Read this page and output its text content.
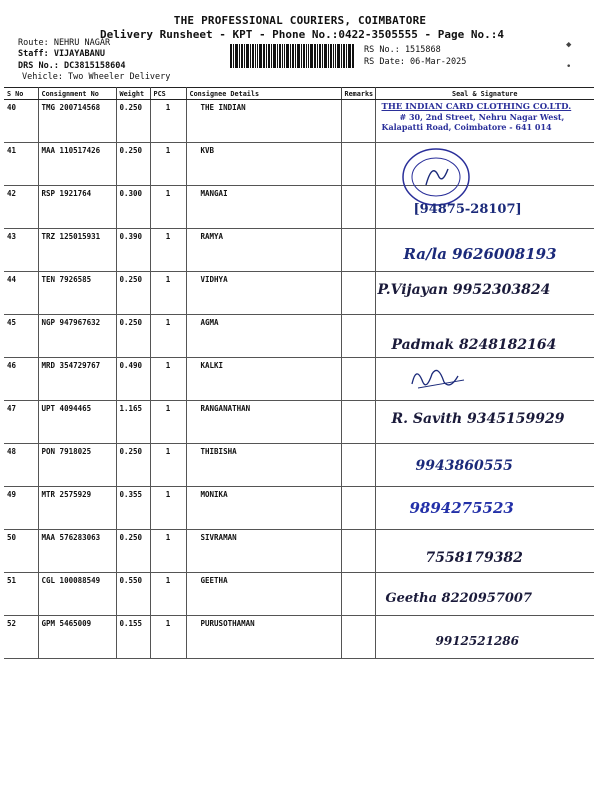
THE PROFESSIONAL COURIERS, COIMBATORE
Delivery Runsheet - KPT - Phone No.:0422-3505555 - Page No.:4
Route: NEHRU NAGAR
Staff: VIJAYABANU
DRS No.: DC3815158604
Vehicle: Two Wheeler Delivery
RS No.: 1515868
RS Date: 06-Mar-2025
◆
•
S No	Consignment No	Weight	PCS	Consignee Details	Remarks	Seal & Signature
40	TMG 200714568	0.250	1	THE INDIAN		THE INDIAN CARD CLOTHING CO.LTD.
# 30, 2nd Street, Nehru Nagar West,
Kalapatti Road, Coimbatore - 641 014

41	MAA 110517426	0.250	1	KVB		

42	RSP 1921764	0.300	1	MANGAI		[94875-28107]

43	TRZ 125015931	0.390	1	RAMYA		Ra/la 9626008193

44	TEN 7926585	0.250	1	VIDHYA		P.Vijayan 9952303824

45	NGP 947967632	0.250	1	AGMA		Padmak 8248182164

46	MRD 354729767	0.490	1	KALKI		

47	UPT 4094465	1.165	1	RANGANATHAN		R. Savith 9345159929

48	PON 7918025	0.250	1	THIBISHA		9943860555

49	MTR 2575929	0.355	1	MONIKA		9894275523

50	MAA 576283063	0.250	1	SIVRAMAN		7558179382

51	CGL 100088549	0.550	1	GEETHA		Geetha 8220957007

52	GPM 5465009	0.155	1	PURUSOTHAMAN		9912521286
